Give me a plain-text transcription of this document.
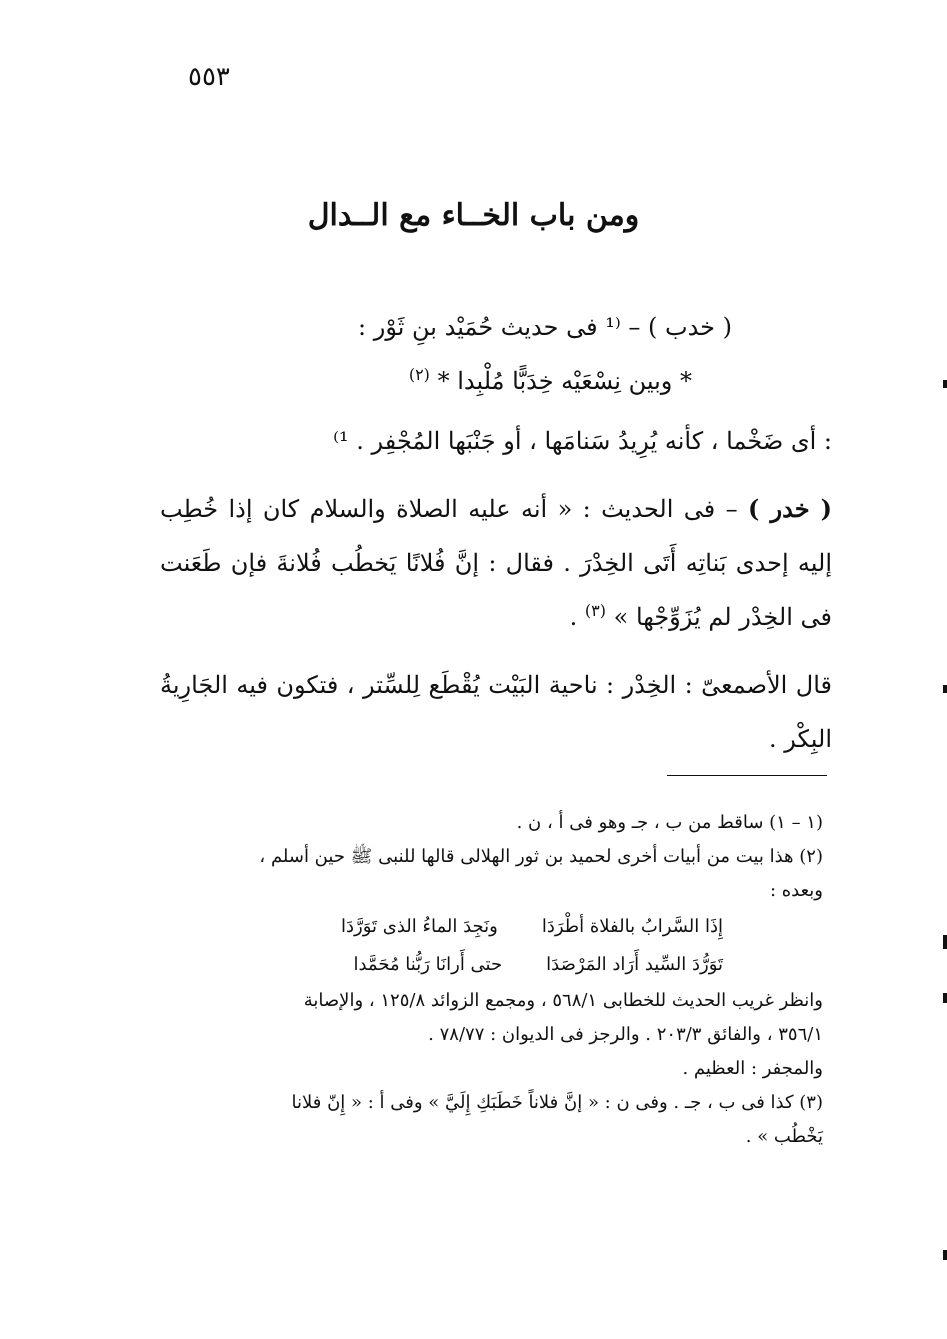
٥٥٣
ومن باب الخــاء مع الــدال

( خدب ) – ⁽¹ فى حديث حُمَيْد بنِ ثَوْر :

* وبين نِسْعَيْه خِدَبًّا مُلْبِدا * $^{(٢)}$

: أى ضَخْما ، كأنه يُرِيدُ سَنامَها ، أو جَنْبَها المُجْفِر . ¹⁾

( خدر ) – فى الحديث : « أنه عليه الصلاة والسلام كان إذا خُطِب إليه إحدى بَناتِه أَتَى الخِدْرَ . فقال : إنَّ فُلانًا يَخطُب فُلانةَ فإن طَعَنت فى الخِدْر لم يُزَوِّجْها » $^{(٣)}$ .

قال الأصمعىّ : الخِدْر : ناحية البَيْت يُقْطَع لِلسِّتر ، فتكون فيه الجَارِيةُ البِكْر .

(١ – ١) ساقط من ب ، جـ وهو فى أ ، ن .

(٢) هذا بيت من أبيات أخرى لحميد بن ثور الهلالى قالها للنبى ﷺ حين أسلم ،

وبعده :

إِذَا السَّرابُ بالفلاة أطْرَدَا
ونَجِدَ الماءُ الذى تَوَرَّدَا
تَوَرُّدَ السِّيد أَرَاد المَرْصَدَا
حتى أَرانَا رَبُّنا مُحَمَّدا

وانظر غريب الحديث للخطابى ٥٦٨/١ ، ومجمع الزوائد ١٢٥/٨ ، والإصابة

٣٥٦/١ ، والفائق ٢٠٣/٣ . والرجز فى الديوان : ٧٨/٧٧ .

والمجفر : العظيم .

(٣) كذا فى ب ، جـ . وفى ن : « إنَّ فلاناً خَطَبَكِ إِلَيَّ » وفى أ : « إِنّ فلانا

يَخْطُب » .
